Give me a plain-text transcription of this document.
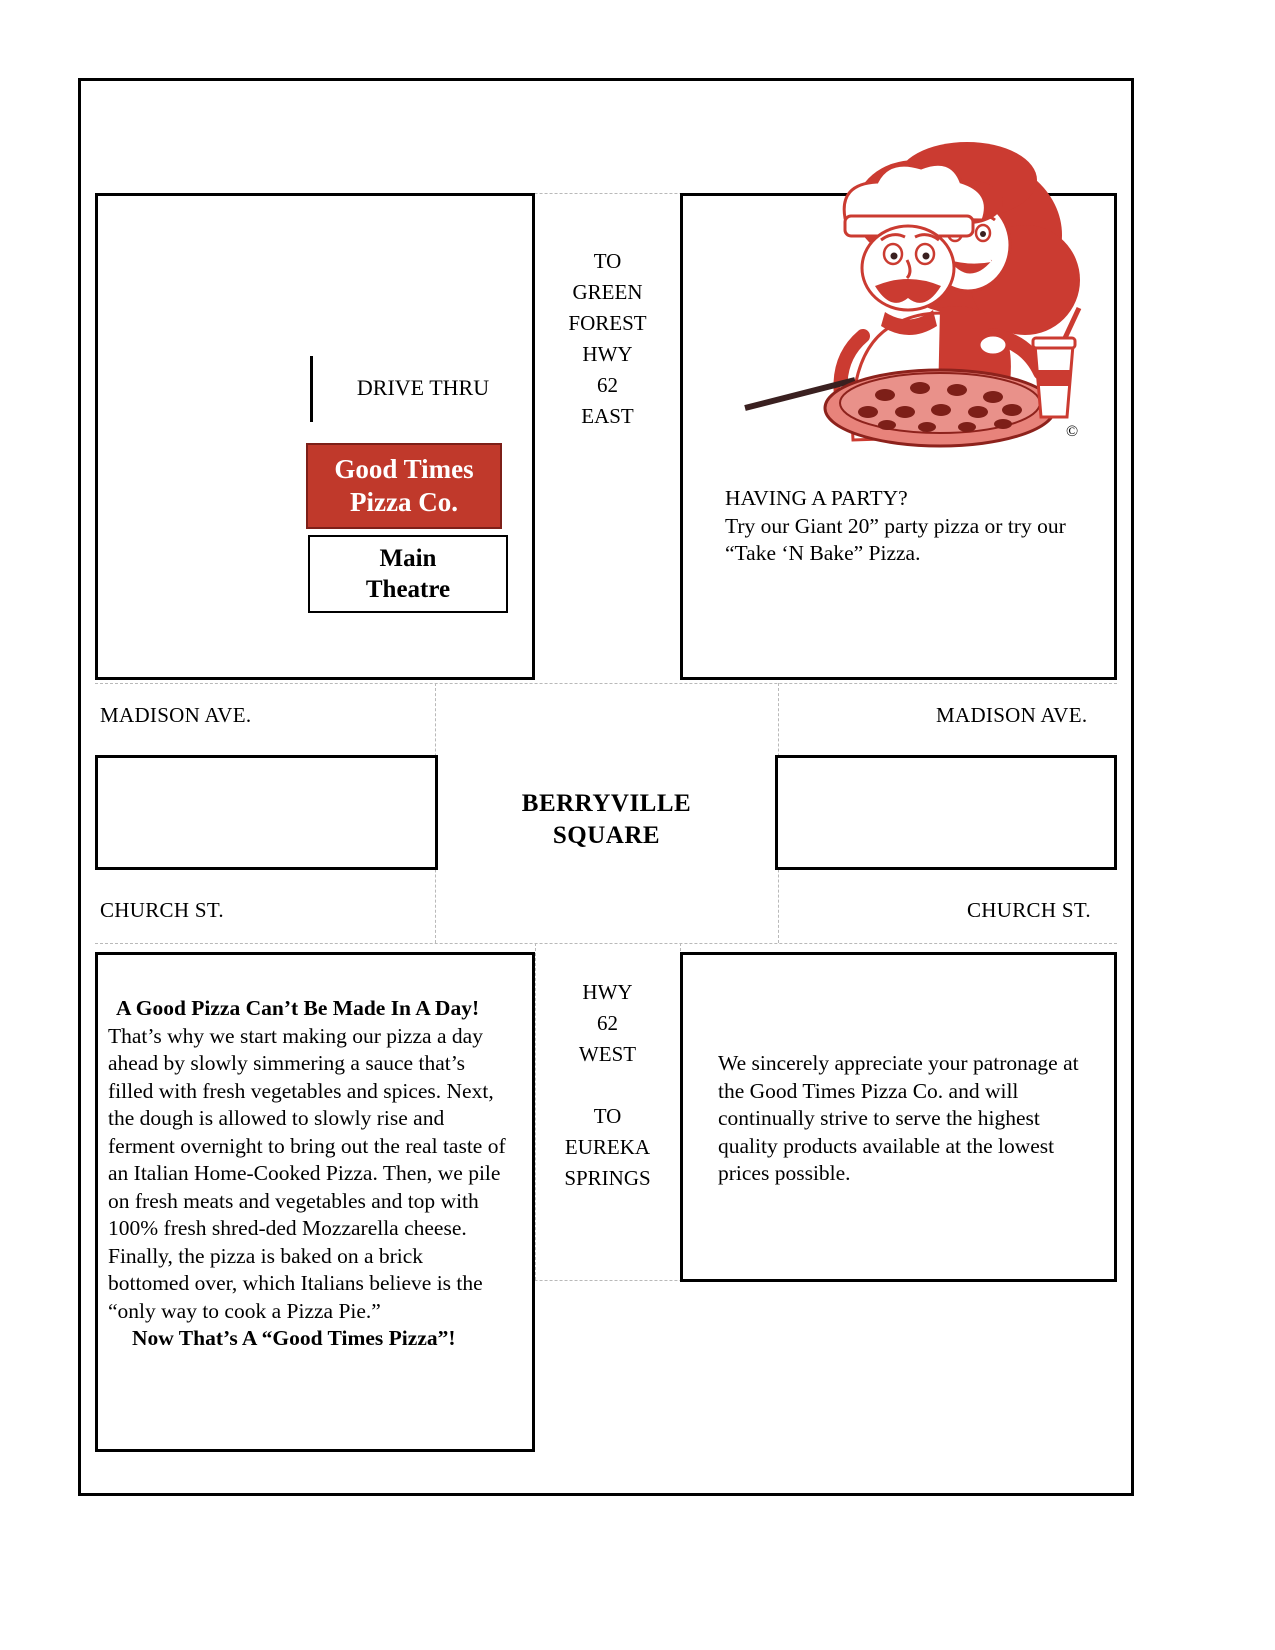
DRIVE THRU
Good Times
Pizza Co.
Main
Theatre
TO
GREEN
FOREST
HWY
62
EAST
HWY
62
WEST

TO
EUREKA
SPRINGS
MADISON AVE.	MADISON AVE.
CHURCH ST.	CHURCH ST.
BERRYVILLE
SQUARE
©
HAVING A PARTY?
Try our Giant 20” party pizza or try our “Take ‘N Bake” Pizza.
A Good Pizza Can’t Be Made In A Day!
That’s why we start making our pizza a day ahead by slowly simmering a sauce that’s filled with fresh vegetables and spices. Next, the dough is allowed to slowly rise and ferment overnight to bring out the real taste of an Italian Home-Cooked Pizza. Then, we pile on fresh meats and vegetables and top with 100% fresh shred-ded Mozzarella cheese. Finally, the pizza is baked on a brick bottomed over, which Italians believe is the “only way to cook a Pizza Pie.”
Now That’s A “Good Times Pizza”!
We sincerely appreciate your patronage at the Good Times Pizza Co. and will continually strive to serve the highest quality products available at the lowest prices possible.
